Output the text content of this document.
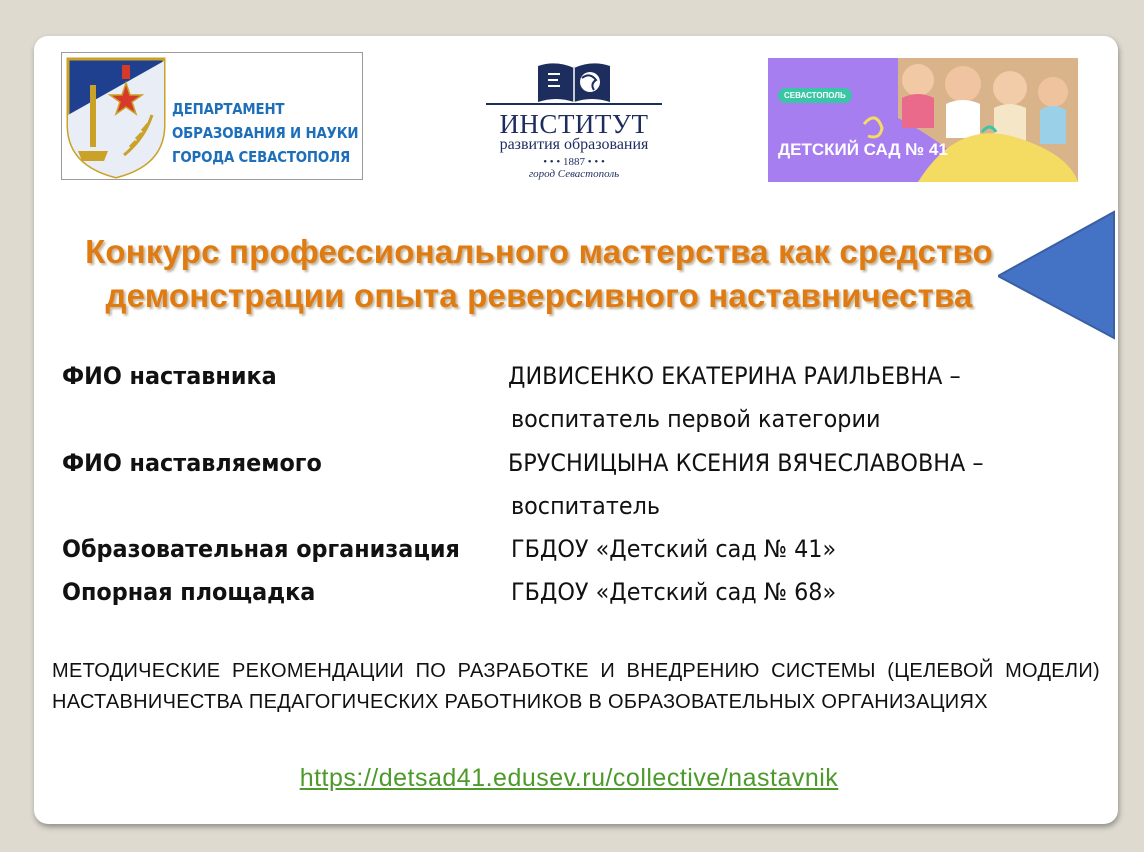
ДЕПАРТАМЕНТ
ОБРАЗОВАНИЯ И НАУКИ
ГОРОДА СЕВАСТОПОЛЯ
ИНСТИТУТ
развития образования
• • • 1887 • • •
город Севастополь
СЕВАСТОПОЛЬ
ДЕТСКИЙ САД № 41
Конкурс профессионального мастерства как средство
демонстрации опыта реверсивного наставничества
ФИО наставника	ДИВИСЕНКО ЕКАТЕРИНА РАИЛЬЕВНА –
воспитатель первой категории
ФИО наставляемого	БРУСНИЦЫНА КСЕНИЯ ВЯЧЕСЛАВОВНА –
воспитатель
Образовательная организация ГБДОУ «Детский сад № 41»
Опорная площадка	ГБДОУ «Детский сад № 68»
МЕТОДИЧЕСКИЕ РЕКОМЕНДАЦИИ ПО РАЗРАБОТКЕ И ВНЕДРЕНИЮ СИСТЕМЫ (ЦЕЛЕВОЙ МОДЕЛИ) НАСТАВНИЧЕСТВА ПЕДАГОГИЧЕСКИХ РАБОТНИКОВ В ОБРАЗОВАТЕЛЬНЫХ ОРГАНИЗАЦИЯХ
https://detsad41.edusev.ru/collective/nastavnik
